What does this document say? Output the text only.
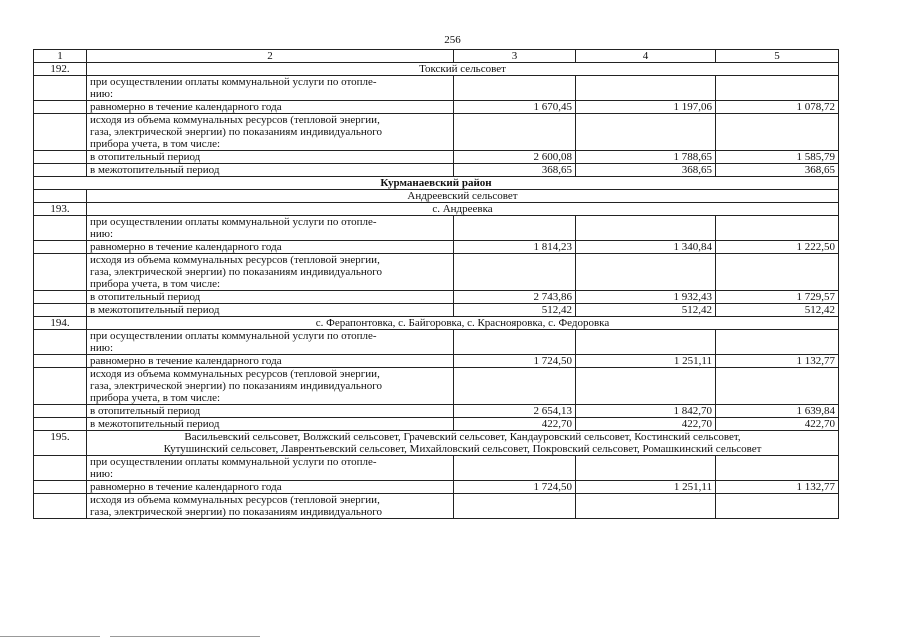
256
1	2	3	4	5
192.	Токский сельсовет			
	при осуществлении оплаты коммунальной услуги по отопле-
нию:			
	равномерно в течение календарного года	1 670,45	1 197,06	1 078,72
	исходя из объема коммунальных ресурсов (тепловой энергии,
газа, электрической энергии) по показаниям индивидуального
прибора учета, в том числе:			
	в отопительный период	2 600,08	1 788,65	1 585,79
	в межотопительный период	368,65	368,65	368,65
Курманаевский район				
	Андреевский сельсовет			
193.	с. Андреевка			
	при осуществлении оплаты коммунальной услуги по отопле-
нию:			
	равномерно в течение календарного года	1 814,23	1 340,84	1 222,50
	исходя из объема коммунальных ресурсов (тепловой энергии,
газа, электрической энергии) по показаниям индивидуального
прибора учета, в том числе:			
	в отопительный период	2 743,86	1 932,43	1 729,57
	в межотопительный период	512,42	512,42	512,42
194.	с. Ферапонтовка, с. Байгоровка, с. Краснояровка, с. Федоровка			
	при осуществлении оплаты коммунальной услуги по отопле-
нию:			
	равномерно в течение календарного года	1 724,50	1 251,11	1 132,77
	исходя из объема коммунальных ресурсов (тепловой энергии,
газа, электрической энергии) по показаниям индивидуального
прибора учета, в том числе:			
	в отопительный период	2 654,13	1 842,70	1 639,84
	в межотопительный период	422,70	422,70	422,70
195.	Васильевский сельсовет, Волжский сельсовет, Грачевский сельсовет, Кандауровский сельсовет, Костинский сельсовет,
Кутушинский сельсовет, Лаврентьевский сельсовет, Михайловский сельсовет, Покровский сельсовет, Ромашкинский сельсовет			
	при осуществлении оплаты коммунальной услуги по отопле-
нию:			
	равномерно в течение календарного года	1 724,50	1 251,11	1 132,77
	исходя из объема коммунальных ресурсов (тепловой энергии,
газа, электрической энергии) по показаниям индивидуального			
